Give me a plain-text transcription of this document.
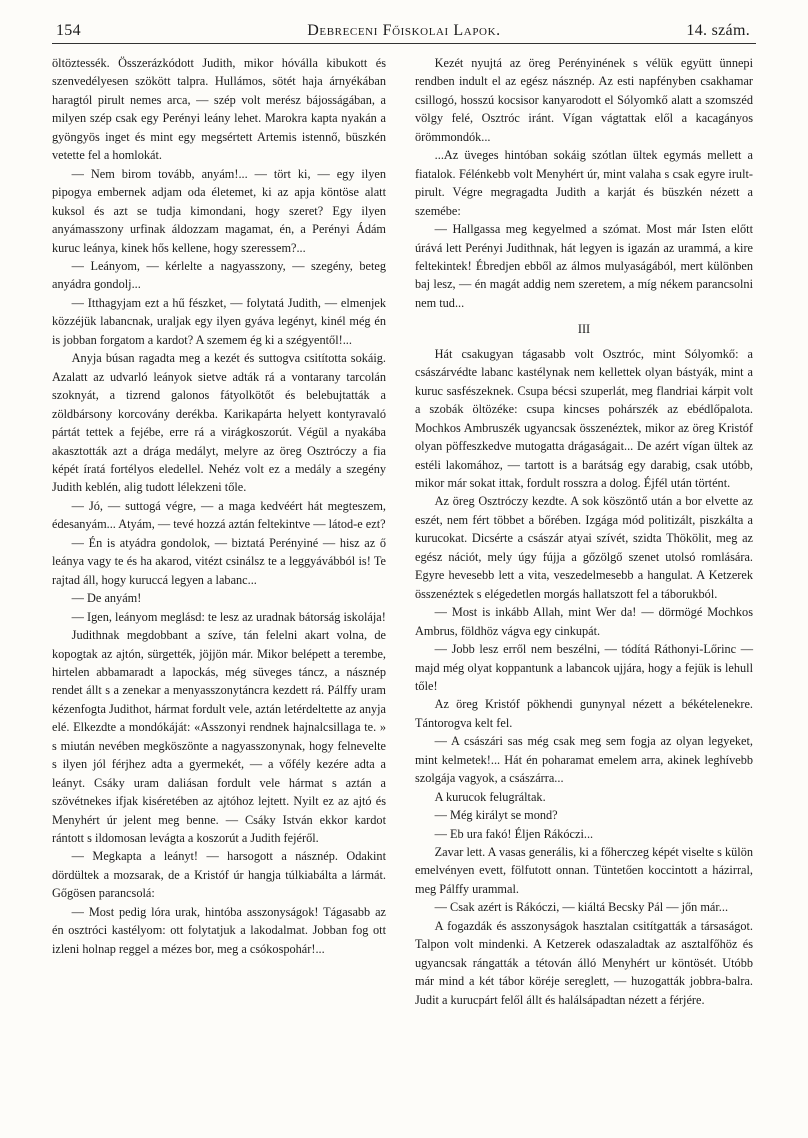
154	Debreceni Főiskolai Lapok.	14. szám.

öltöztessék. Összerázkódott Judith, mikor hóválla kibukott és szenvedélyesen szökött talpra. Hullámos, sötét haja árnyékában haragtól pirult nemes arca, — szép volt merész bájosságában, a milyen szép csak egy Perényi leány lehet. Marokra kapta nyakán a gyöngyös inget és mint egy megsértett Artemis istennő, büszkén vetette fel a homlokát.

— Nem birom tovább, anyám!... — tört ki, — egy ilyen pipogya embernek adjam oda életemet, ki az apja köntöse alatt kuksol és azt se tudja kimondani, hogy szeret? Egy ilyen anyámasszony urfinak áldozzam magamat, én, a Perényi Ádám kuruc leánya, kinek hős kellene, hogy szeressem?...

— Leányom, — kérlelte a nagyasszony, — szegény, beteg anyádra gondolj...

— Itthagyjam ezt a hű fészket, — folytatá Judith, — elmenjek közzéjük labancnak, uraljak egy ilyen gyáva legényt, kinél még én is jobban forgatom a kardot? A szemem ég ki a szégyentől!...

Anyja búsan ragadta meg a kezét és suttogva csitította sokáig. Azalatt az udvarló leányok sietve adták rá a vontarany tarcolán szoknyát, a tizrend galonos fátyolkötőt és belebujtatták a zöldbársony korcovány derékba. Karikapárta helyett kontyravaló pártát tettek a fejébe, erre rá a virágkoszorút. Végül a nyakába akasztották azt a drága medályt, melyre az öreg Osztróczy a fia képét íratá fortélyos eledellel. Nehéz volt ez a medály a szegény Judith keblén, alig tudott lélekzeni tőle.

— Jó, — suttogá végre, — a maga kedvéért hát megteszem, édesanyám... Atyám, — tevé hozzá aztán feltekintve — látod-e ezt?

— Én is atyádra gondolok, — biztatá Perényiné — hisz az ő leánya vagy te és ha akarod, vitézt csinálsz te a leggyávábból is! Te rajtad áll, hogy kuruccá legyen a labanc...

— De anyám!

— Igen, leányom meglásd: te lesz az uradnak bátorság iskolája!

Judithnak megdobbant a szíve, tán felelni akart volna, de kopogtak az ajtón, sürgették, jöjjön már. Mikor belépett a terembe, hirtelen abbamaradt a lapockás, még süveges táncz, a násznép rendet állt s a zenekar a menyasszonytáncra kezdett rá. Pálffy uram kézenfogta Judithot, hármat fordult vele, aztán letérdeltette az anyja elé. Elkezdte a mondókáját: «Asszonyi rendnek hajnalcsillaga te. » s miután nevében megköszönte a nagyasszonynak, hogy felnevelte s ilyen jól férjhez adta a gyermekét, — a vőfély kezére adta a leányt. Csáky uram daliásan fordult vele hármat s aztán a szövétnekes ifjak kiséretében az ajtóhoz lejtett. Nyilt ez az ajtó és Menyhért úr jelent meg benne. — Csáky István ekkor kardot rántott s ildomosan levágta a koszorút a Judith fejéről.

— Megkapta a leányt! — harsogott a násznép. Odakint dördültek a mozsarak, de a Kristóf úr hangja túlkiabálta a lármát. Gőgösen parancsolá:

— Most pedig lóra urak, hintóba asszonyságok! Tágasabb az én osztróci kastélyom: ott folytatjuk a lakodalmat. Jobban fog ott izleni holnap reggel a mézes bor, meg a csókospohár!...

Kezét nyujtá az öreg Perényinének s vélük együtt ünnepi rendben indult el az egész násznép. Az esti napfényben csakhamar csillogó, hosszú kocsisor kanyarodott el Sólyomkő alatt a szomszéd völgy felé, Osztróc iránt. Vígan vágtattak elől a kacagányos örömmondók...

...Az üveges hintóban sokáig szótlan ültek egymás mellett a fiatalok. Félénkebb volt Menyhért úr, mint valaha s csak egyre irult-pirult. Végre megragadta Judith a karját és büszkén nézett a szemébe:

— Hallgassa meg kegyelmed a szómat. Most már Isten előtt úrává lett Perényi Judithnak, hát legyen is igazán az urammá, a kire feltekintek! Ébredjen ebből az álmos mulyaságából, mert különben baj lesz, — én magát addig nem szeretem, a míg nékem parancsolni nem tud...

III

Hát csakugyan tágasabb volt Osztróc, mint Sólyomkő: a császárvédte labanc kastélynak nem kellettek olyan bástyák, mint a kuruc sasfészeknek. Csupa bécsi szuperlát, meg flandriai kárpit volt a szobák öltözéke: csupa kincses pohárszék az ebédlőpalota. Mochkos Ambruszék ugyancsak összenéztek, mikor az öreg Kristóf olyan pöffeszkedve mutogatta drágaságait... De azért vígan ültek az estéli lakomához, — tartott is a barátság egy darabig, csak utóbb, mikor már sokat ittak, fordult rosszra a dolog. Éjfél után történt.

Az öreg Osztróczy kezdte. A sok köszöntő után a bor elvette az eszét, nem fért többet a bőrében. Izgága mód politizált, piszkálta a kurucokat. Dicsérte a császár atyai szívét, szidta Thökölit, meg az egész nációt, mely úgy fújja a gőzölgő szenet utolsó romlására. Egyre hevesebb lett a vita, veszedelmesebb a hangulat. A Ketzerek összenéztek s elégedetlen morgás hallatszott fel a táborukból.

— Most is inkább Allah, mint Wer da! — dörmögé Mochkos Ambrus, földhöz vágva egy cinkupát.

— Jobb lesz erről nem beszélni, — tódítá Ráthonyi-Lőrinc — majd még olyat koppantunk a labancok ujjára, hogy a fejük is lehull tőle!

Az öreg Kristóf pökhendi gunynyal nézett a békételenekre. Tántorogva kelt fel.

— A császári sas még csak meg sem fogja az olyan legyeket, mint kelmetek!... Hát én poharamat emelem arra, akinek leghívebb szolgája vagyok, a császárra...

A kurucok felugráltak.

— Még királyt se mond?

— Eb ura fakó! Éljen Rákóczi...

Zavar lett. A vasas generális, ki a főherczeg képét viselte s külön emelvényen evett, fölfutott onnan. Tüntetően koccintott a házirral, meg Pálffy urammal.

— Csak azért is Rákóczi, — kiáltá Becsky Pál — jőn már...

A fogazdák és asszonyságok hasztalan csitítgatták a társaságot. Talpon volt mindenki. A Ketzerek odaszaladtak az asztalfőhöz és ugyancsak rángatták a tétován álló Menyhért ur köntösét. Utóbb már mind a két tábor köréje sereglett, — huzogatták jobbra-balra. Judit a kurucpárt felől állt és halálsápadtan nézett a férjére.
